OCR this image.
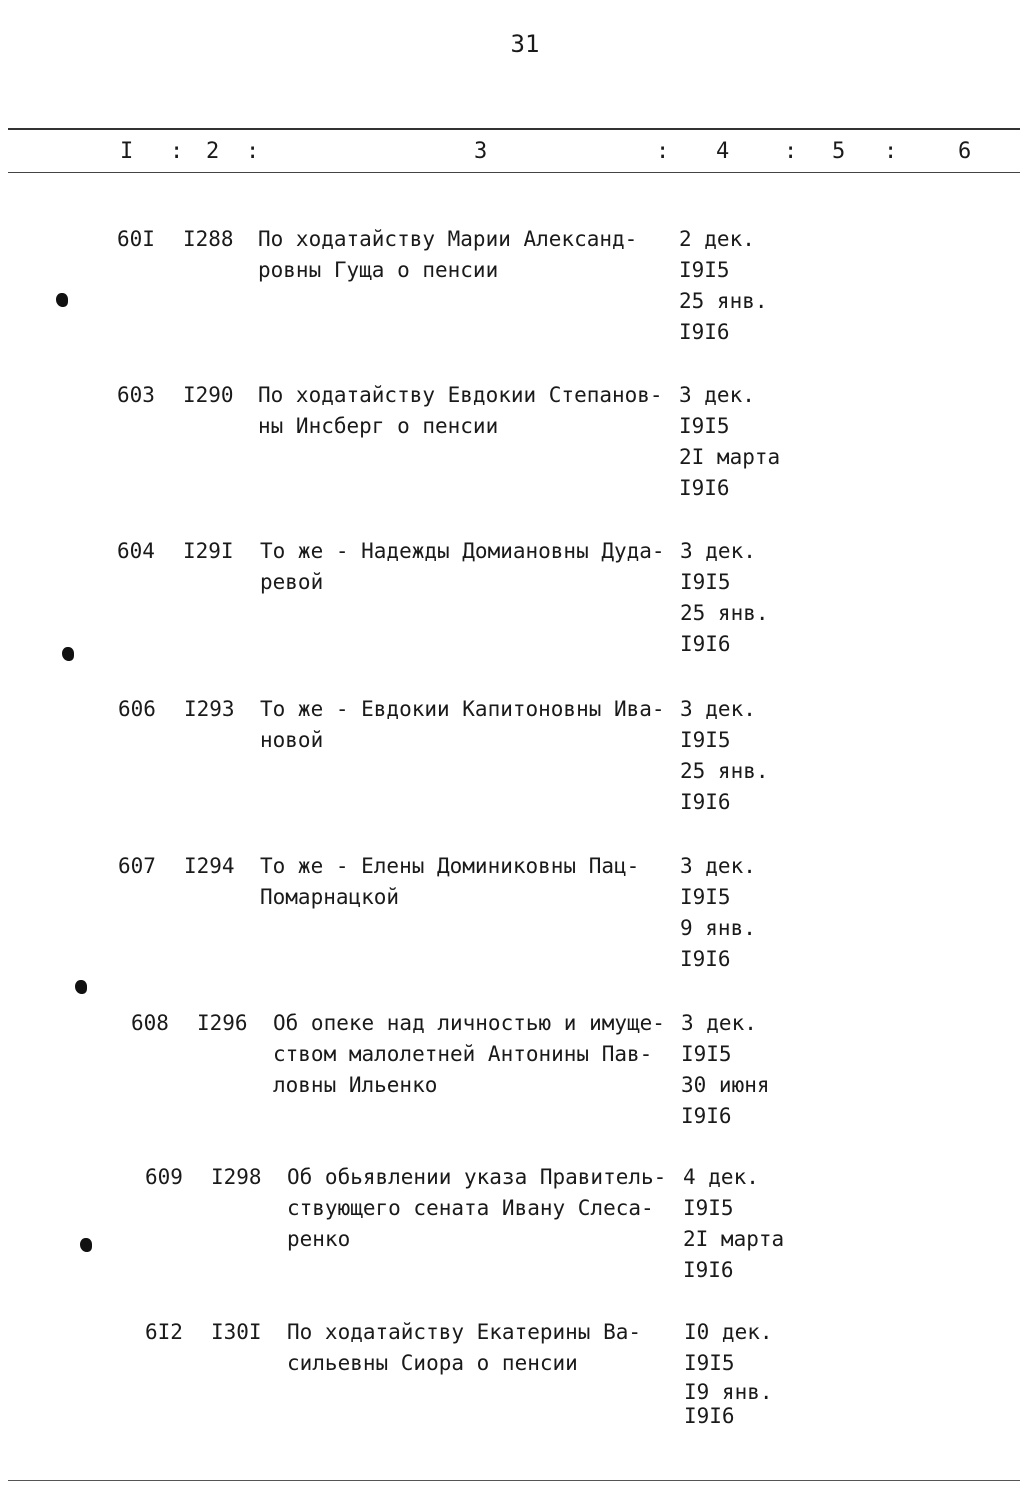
31
I : 2 :	3	: 4 : 5 :	6
60I I288 По ходатайству Марии Александ-
ровны Гуща о пенсии
2 дек.
I9I5
25 янв.
I9I6
603 I290 По ходатайству Евдокии Степанов-
ны Инсберг о пенсии
3 дек.
I9I5
2I марта
I9I6
604 I29I То же - Надежды Домиановны Дуда-
ревой
3 дек.
I9I5
25 янв.
I9I6
606 I293 То же - Евдокии Капитоновны Ива-
новой
3 дек.
I9I5
25 янв.
I9I6
607 I294 То же - Елены Доминиковны Пац-
Помарнацкой
3 дек.
I9I5
9 янв.
I9I6
608 I296 Об опеке над личностью и имуще-
ством малолетней Антонины Пав-
ловны Ильенко
3 дек.
I9I5
30 июня
I9I6
609 I298 Об обьявлении указа Правитель-
ствующего сената Ивану Слеса-
ренко
4 дек.
I9I5
2I марта
I9I6
6I2 I30I По ходатайству Екатерины Ва-
сильевны Сиора о пенсии
I0 дек.
I9I5
I9 янв.
I9I6
